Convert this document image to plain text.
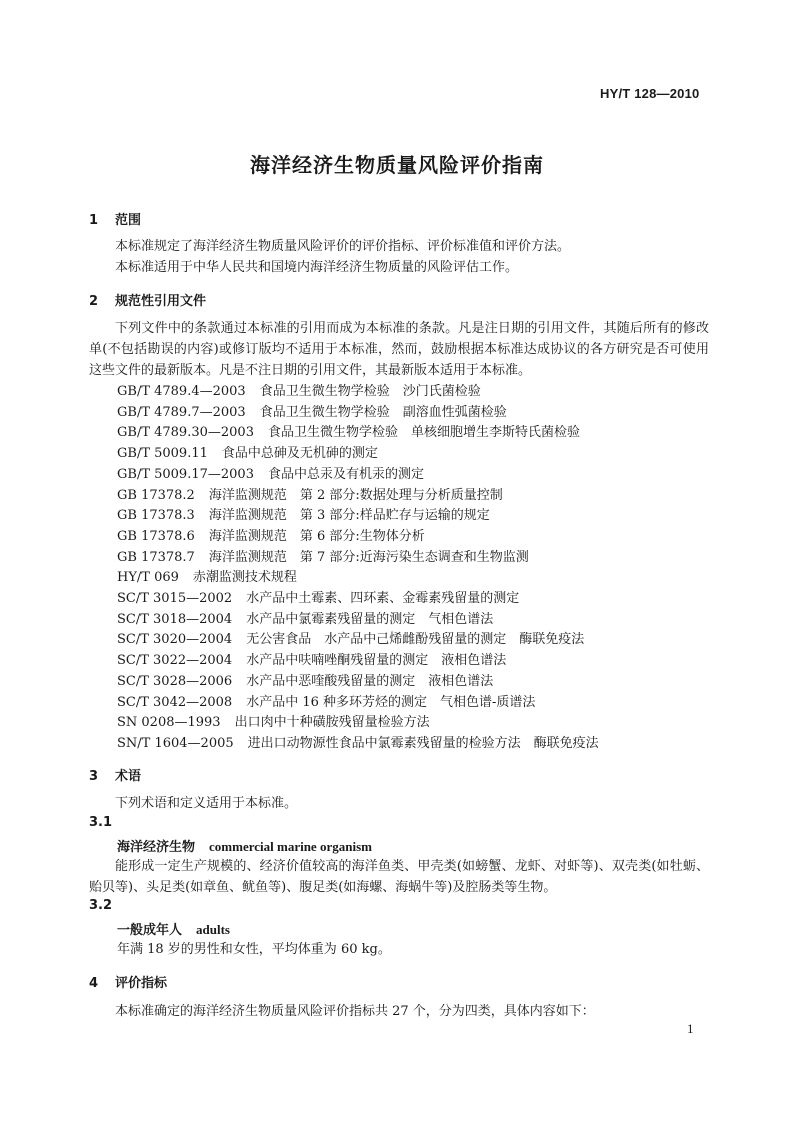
HY/T 128—2010
海洋经济生物质量风险评价指南
1 范围
本标准规定了海洋经济生物质量风险评价的评价指标、评价标准值和评价方法。
本标准适用于中华人民共和国境内海洋经济生物质量的风险评估工作。
2 规范性引用文件
下列文件中的条款通过本标准的引用而成为本标准的条款。凡是注日期的引用文件，其随后所有的修改单(不包括勘误的内容)或修订版均不适用于本标准，然而，鼓励根据本标准达成协议的各方研究是否可使用这些文件的最新版本。凡是不注日期的引用文件，其最新版本适用于本标准。
GB/T 4789.4—2003 食品卫生微生物学检验　沙门氏菌检验
GB/T 4789.7—2003 食品卫生微生物学检验　副溶血性弧菌检验
GB/T 4789.30—2003 食品卫生微生物学检验　单核细胞增生李斯特氏菌检验
GB/T 5009.11 食品中总砷及无机砷的测定
GB/T 5009.17—2003 食品中总汞及有机汞的测定
GB 17378.2 海洋监测规范　第 2 部分:数据处理与分析质量控制
GB 17378.3 海洋监测规范　第 3 部分:样品贮存与运输的规定
GB 17378.6 海洋监测规范　第 6 部分:生物体分析
GB 17378.7 海洋监测规范　第 7 部分:近海污染生态调查和生物监测
HY/T 069 赤潮监测技术规程
SC/T 3015—2002 水产品中土霉素、四环素、金霉素残留量的测定
SC/T 3018—2004 水产品中氯霉素残留量的测定　气相色谱法
SC/T 3020—2004 无公害食品　水产品中己烯雌酚残留量的测定　酶联免疫法
SC/T 3022—2004 水产品中呋喃唑酮残留量的测定　液相色谱法
SC/T 3028—2006 水产品中恶喹酸残留量的测定　液相色谱法
SC/T 3042—2008 水产品中 16 种多环芳烃的测定　气相色谱-质谱法
SN 0208—1993 出口肉中十种磺胺残留量检验方法
SN/T 1604—2005 进出口动物源性食品中氯霉素残留量的检验方法　酶联免疫法
3 术语
下列术语和定义适用于本标准。
3.1
海洋经济生物 commercial marine organism
能形成一定生产规模的、经济价值较高的海洋鱼类、甲壳类(如螃蟹、龙虾、对虾等)、双壳类(如牡蛎、贻贝等)、头足类(如章鱼、鱿鱼等)、腹足类(如海螺、海蜗牛等)及腔肠类等生物。
3.2
一般成年人 adults
年满 18 岁的男性和女性，平均体重为 60 kg。
4 评价指标
本标准确定的海洋经济生物质量风险评价指标共 27 个，分为四类，具体内容如下：
1
